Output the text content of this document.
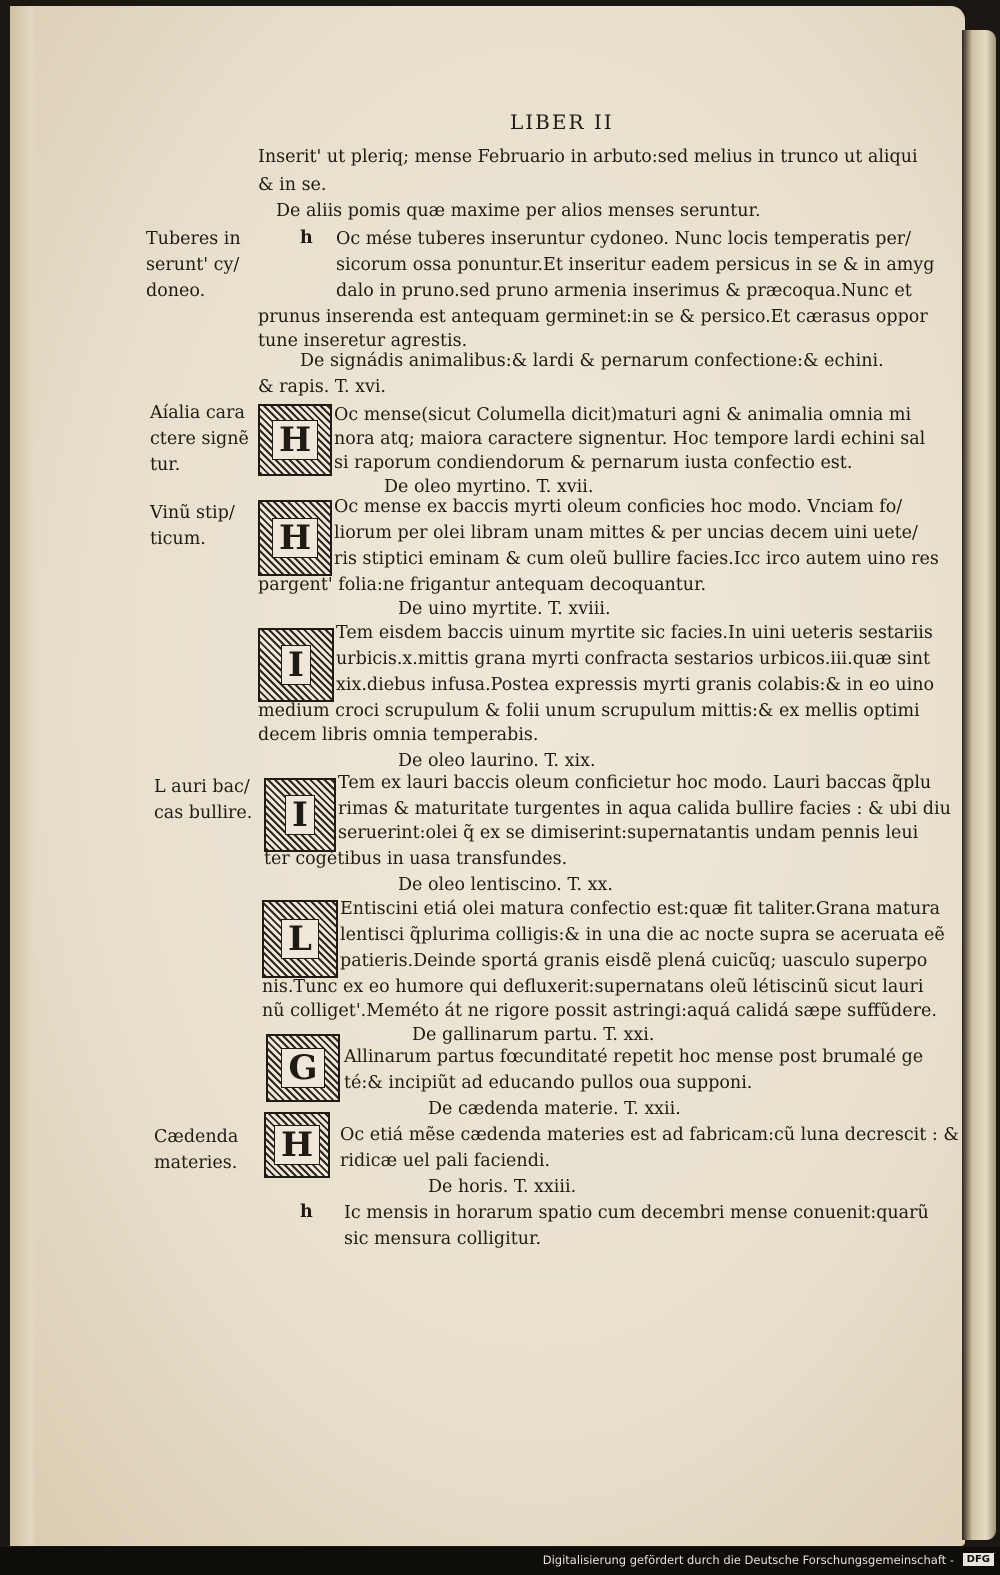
LIBER II
Inserit' ut pleriq; mense Februario in arbuto:sed melius in trunco ut aliqui
& in se.
De aliis pomis quæ maxime per alios menses seruntur.
h Oc mése tuberes inseruntur cydoneo. Nunc locis temperatis per/
sicorum ossa ponuntur.Et inseritur eadem persicus in se & in amyg
dalo in pruno.sed pruno armenia inserimus & præcoqua.Nunc et
prunus inserenda est antequam germinet:in se & persico.Et cærasus oppor
tune inseretur agrestis.
De signádis animalibus:& lardi & pernarum confectione:& echini.
& rapis. T. xvi.
H
Oc mense(sicut Columella dicit)maturi agni & animalia omnia mi
nora atq; maiora caractere signentur. Hoc tempore lardi echini sal
si raporum condiendorum & pernarum iusta confectio est.
De oleo myrtino. T. xvii.
H
Oc mense ex baccis myrti oleum conficies hoc modo. Vnciam fo/
liorum per olei libram unam mittes & per uncias decem uini uete/
ris stiptici eminam & cum oleũ bullire facies.Icc irco autem uino res
pargent' folia:ne frigantur antequam decoquantur.
De uino myrtite. T. xviii.
I
Tem eisdem baccis uinum myrtite sic facies.In uini ueteris sestariis
urbicis.x.mittis grana myrti confracta sestarios urbicos.iii.quæ sint
xix.diebus infusa.Postea expressis myrti granis colabis:& in eo uino
medium croci scrupulum & folii unum scrupulum mittis:& ex mellis optimi
decem libris omnia temperabis.
De oleo laurino. T. xix.
I
Tem ex lauri baccis oleum conficietur hoc modo. Lauri baccas q̃plu
rimas & maturitate turgentes in aqua calida bullire facies : & ubi diu
seruerint:olei q̃ ex se dimiserint:supernatantis undam pennis leui
ter cogétibus in uasa transfundes.
De oleo lentiscino. T. xx.
L
Entiscini etiá olei matura confectio est:quæ fit taliter.Grana matura
lentisci q̃plurima colligis:& in una die ac nocte supra se aceruata eẽ
patieris.Deinde sportá granis eisdẽ plená cuicũq; uasculo superpo
nis.Tunc ex eo humore qui defluxerit:supernatans oleũ létiscinũ sicut lauri
nũ colliget'.Meméto át ne rigore possit astringi:aquá calidá sæpe suffũdere.
De gallinarum partu. T. xxi.
G	Allinarum partus fœcunditaté repetit hoc mense post brumalé ge
té:& incipiũt ad educando pullos oua supponi.
De cædenda materie. T. xxii.
H	Oc etiá mẽse cædenda materies est ad fabricam:cũ luna decrescit : &
ridicæ uel pali faciendi.
De horis. T. xxiii.
h Ic mensis in horarum spatio cum decembri mense conuenit:quarũ
sic mensura colligitur.
Tuberes in
serunt' cy/
doneo.
Aíalia cara
ctere signẽ
tur.
Vinũ stip/
ticum.
L auri bac/
cas bullire.
Cædenda
materies.
Digitalisierung gefördert durch die Deutsche Forschungsgemeinschaft -	DFG
